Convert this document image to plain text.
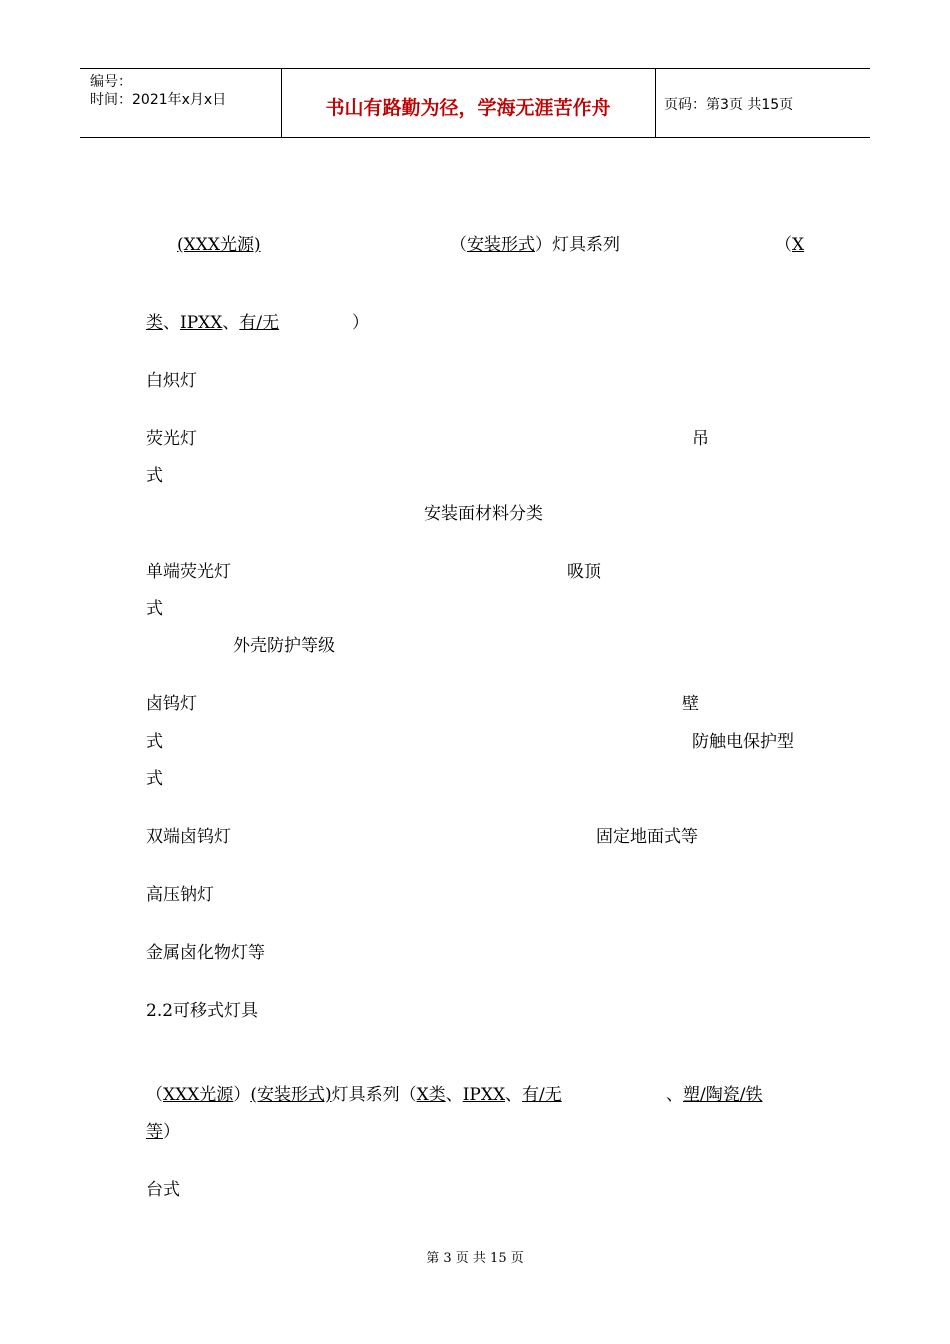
编号：
时间：2021年x月x日	书山有路勤为径，学海无涯苦作舟	页码：第3页 共15页
(XXX光源)	（安装形式）灯具系列	（X
类、IPXX、有/无	）
白炽灯
荧光灯	吊
式
安装面材料分类
单端荧光灯	吸顶
式
外壳防护等级
卤钨灯	壁
式	防触电保护型
式
双端卤钨灯	固定地面式等
高压钠灯
金属卤化物灯等
2.2可移式灯具
（XXX光源）(安装形式)灯具系列（X类、IPXX、有/无	、塑/陶瓷/铁
等）
台式
第 3 页 共 15 页
